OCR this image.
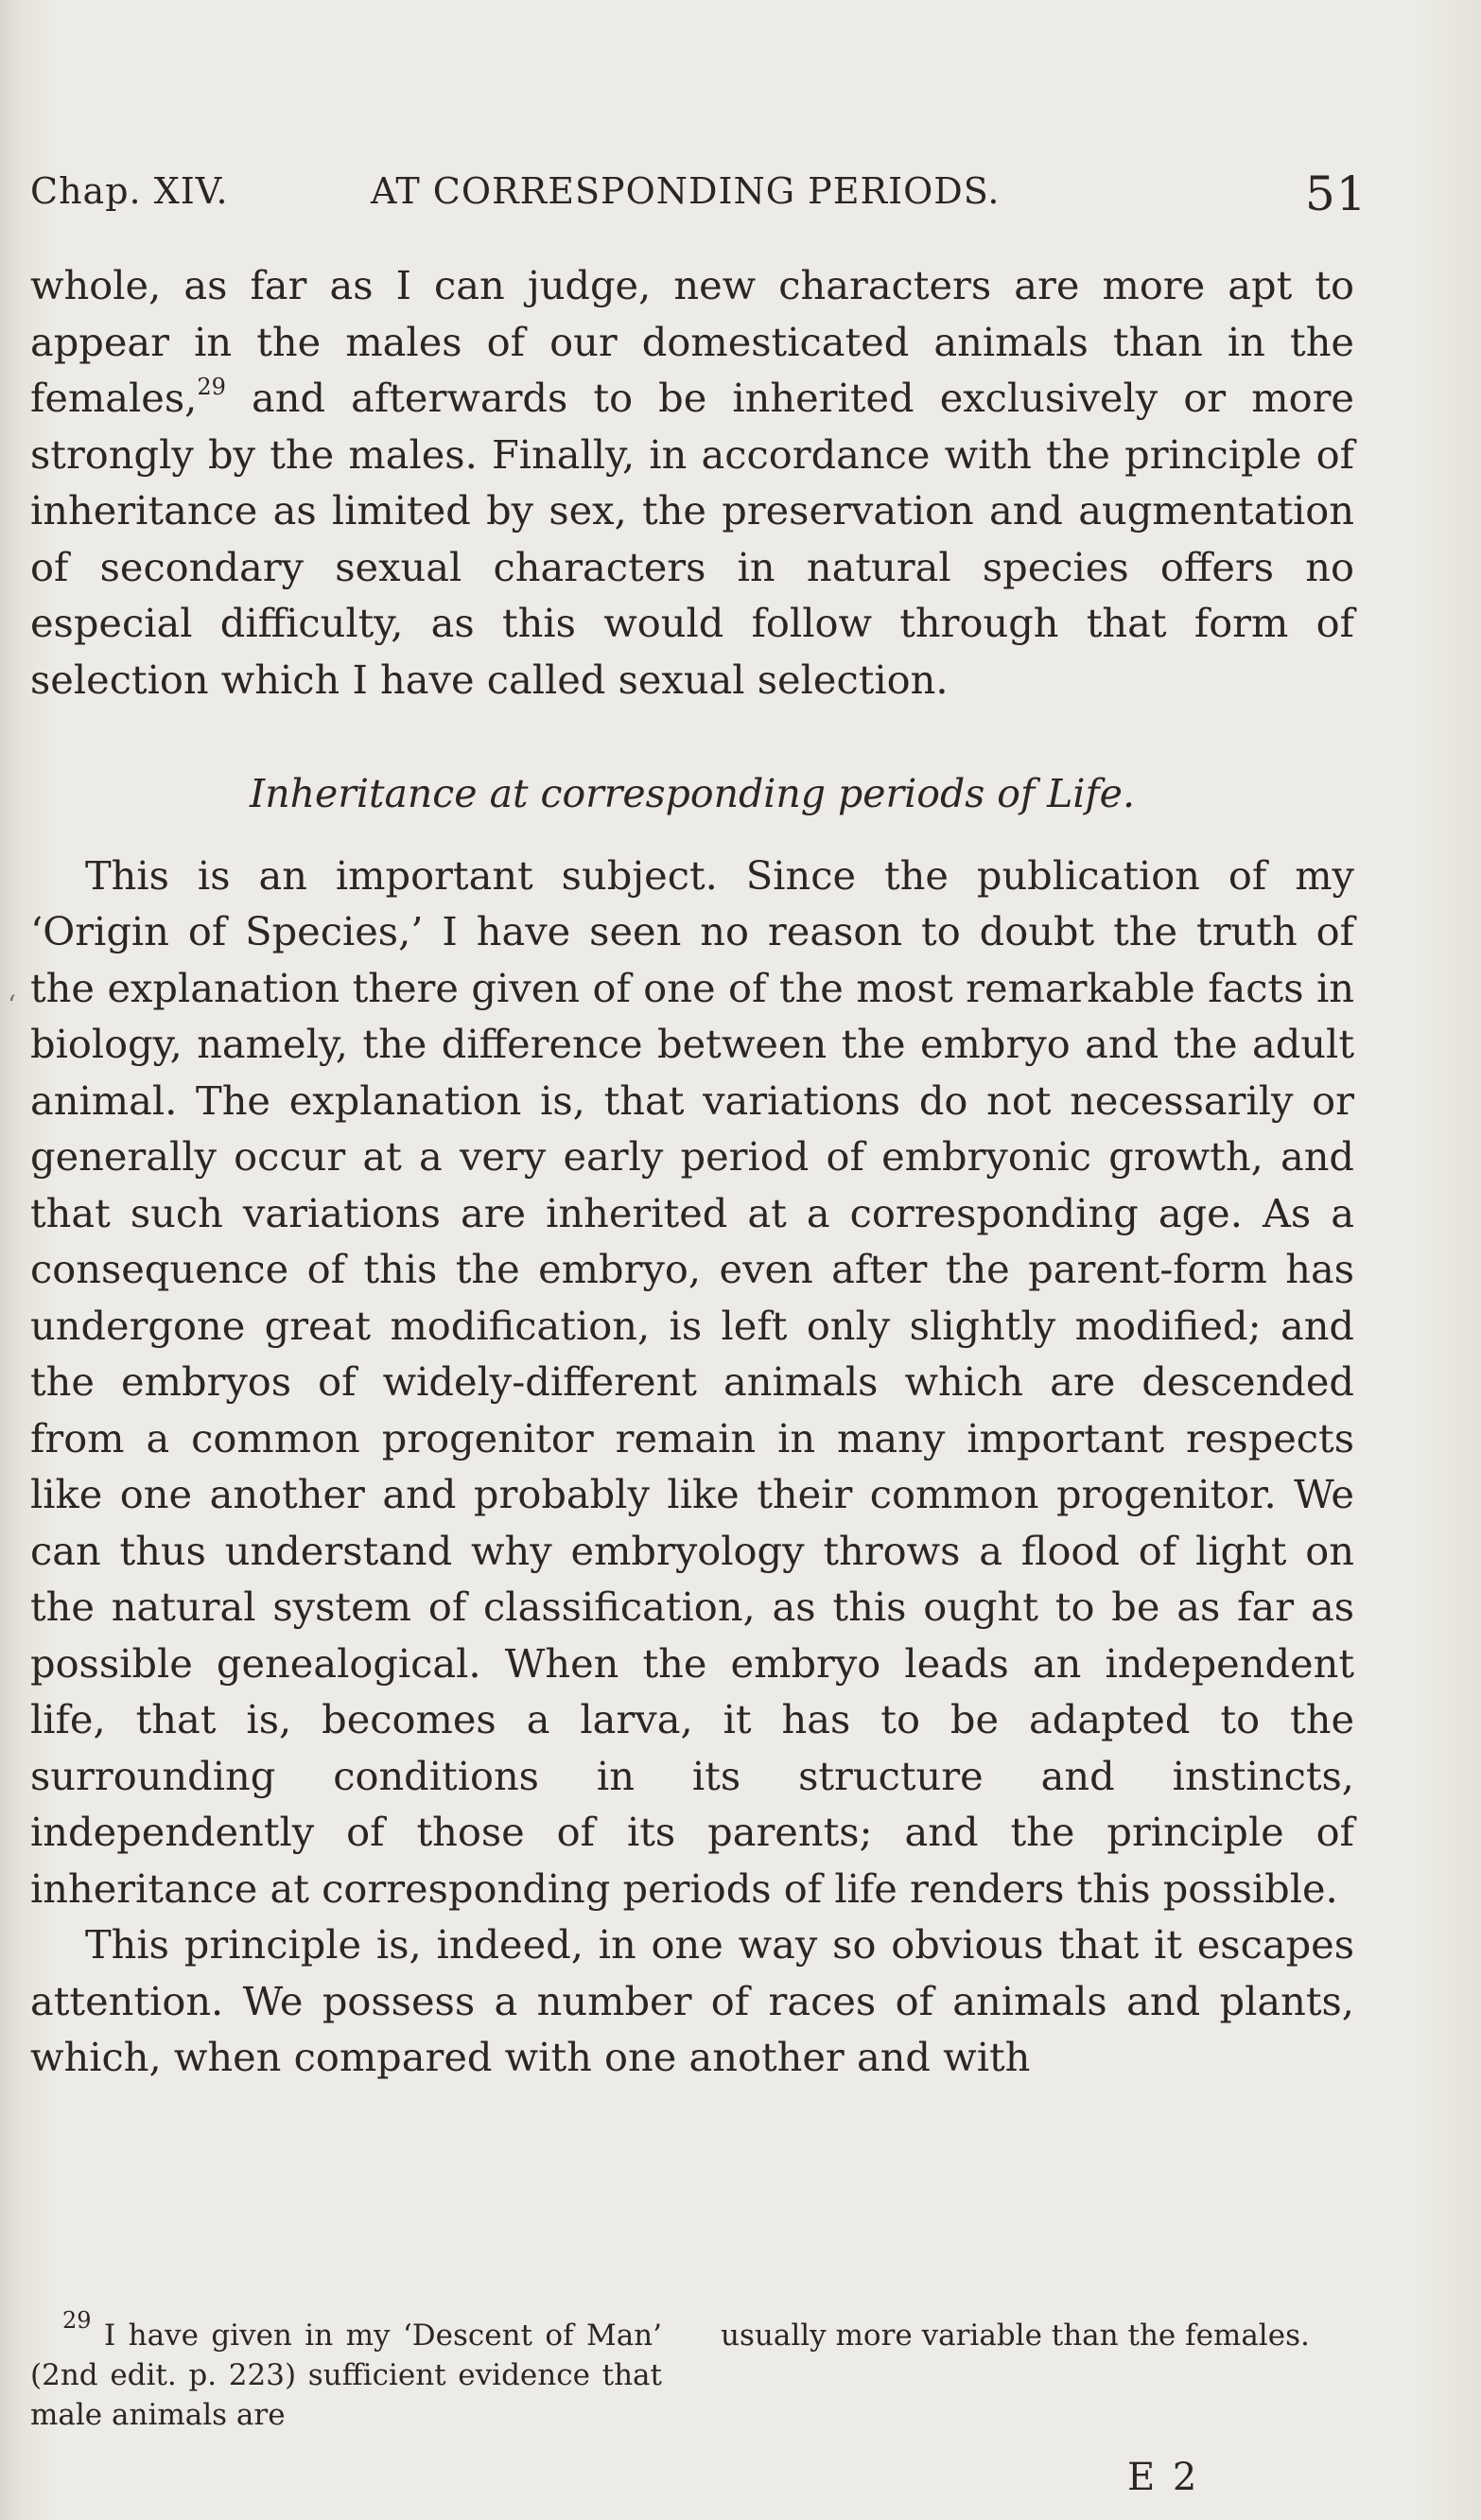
Chap. XIV.	AT CORRESPONDING PERIODS.	51
‘

whole, as far as I can judge, new characters are more apt to appear in the males of our domesticated animals than in the females,$^{29}$ and afterwards to be inherited exclusively or more strongly by the males. Finally, in accordance with the principle of inheritance as limited by sex, the preservation and augmentation of secondary sexual characters in natural species offers no especial difficulty, as this would follow through that form of selection which I have called sexual selection.

Inheritance at corresponding periods of Life.

This is an important subject. Since the publication of my ‘Origin of Species,’ I have seen no reason to doubt the truth of the explanation there given of one of the most remarkable facts in biology, namely, the difference between the embryo and the adult animal. The explanation is, that variations do not necessarily or generally occur at a very early period of embryonic growth, and that such variations are inherited at a corresponding age. As a consequence of this the embryo, even after the parent-form has undergone great modification, is left only slightly modified; and the embryos of widely-different animals which are descended from a common progenitor remain in many important respects like one another and probably like their common progenitor. We can thus understand why embryology throws a flood of light on the natural system of classification, as this ought to be as far as possible genealogical. When the embryo leads an independent life, that is, becomes a larva, it has to be adapted to the surrounding conditions in its structure and instincts, independently of those of its parents; and the principle of inheritance at corresponding periods of life renders this possible.

This principle is, indeed, in one way so obvious that it escapes attention. We possess a number of races of animals and plants, which, when compared with one another and with

$^{29}$ I have given in my ‘Descent of Man’ (2nd edit. p. 223) sufficient evidence that male animals are
usually more variable than the females.
E 2
